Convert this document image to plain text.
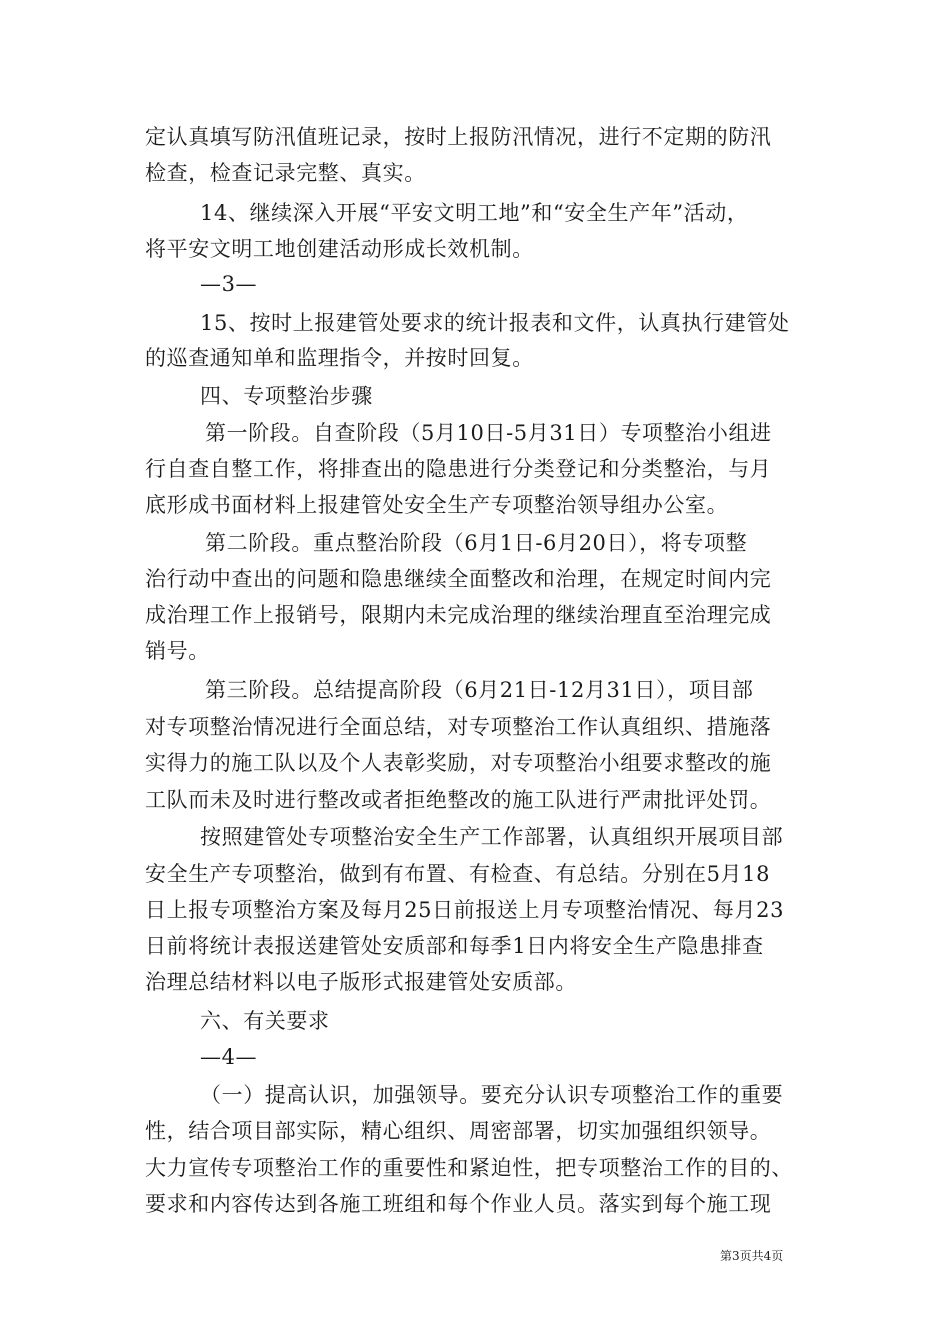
定认真填写防汛值班记录，按时上报防汛情况，进行不定期的防汛
检查，检查记录完整、真实。
14、继续深入开展“平安文明工地”和“安全生产年”活动，
将平安文明工地创建活动形成长效机制。
—3—
15、按时上报建管处要求的统计报表和文件，认真执行建管处
的巡查通知单和监理指令，并按时回复。
四、专项整治步骤
第一阶段。自查阶段（5月10日-5月31日）专项整治小组进
行自查自整工作，将排查出的隐患进行分类登记和分类整治，与月
底形成书面材料上报建管处安全生产专项整治领导组办公室。
第二阶段。重点整治阶段（6月1日-6月20日），将专项整
治行动中查出的问题和隐患继续全面整改和治理，在规定时间内完
成治理工作上报销号，限期内未完成治理的继续治理直至治理完成
销号。
第三阶段。总结提高阶段（6月21日-12月31日），项目部
对专项整治情况进行全面总结，对专项整治工作认真组织、措施落
实得力的施工队以及个人表彰奖励，对专项整治小组要求整改的施
工队而未及时进行整改或者拒绝整改的施工队进行严肃批评处罚。
按照建管处专项整治安全生产工作部署，认真组织开展项目部
安全生产专项整治，做到有布置、有检查、有总结。分别在5月18
日上报专项整治方案及每月25日前报送上月专项整治情况、每月23
日前将统计表报送建管处安质部和每季1日内将安全生产隐患排查
治理总结材料以电子版形式报建管处安质部。
六、有关要求
—4—
（一）提高认识，加强领导。要充分认识专项整治工作的重要
性，结合项目部实际，精心组织、周密部署，切实加强组织领导。
大力宣传专项整治工作的重要性和紧迫性，把专项整治工作的目的、
要求和内容传达到各施工班组和每个作业人员。落实到每个施工现
第3页共4页
